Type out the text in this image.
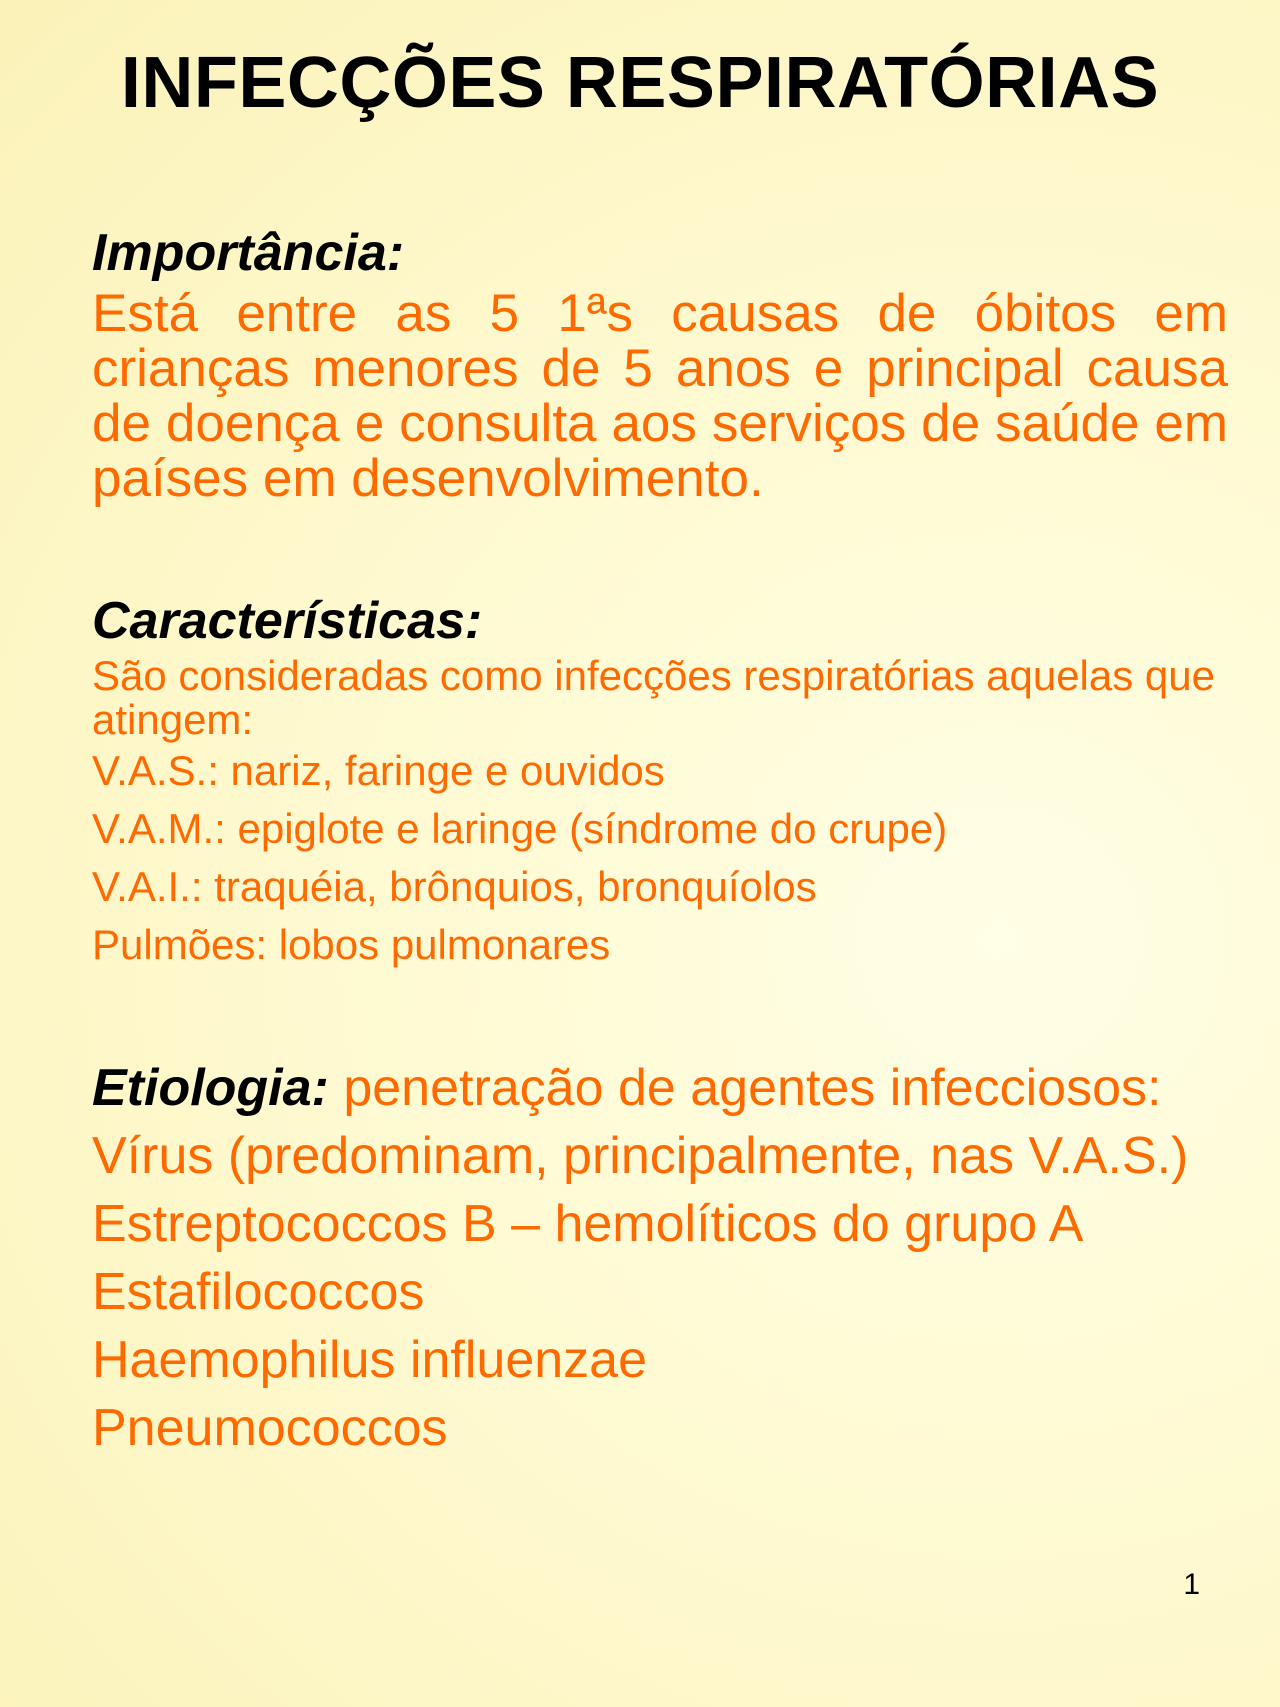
INFECÇÕES RESPIRATÓRIAS
Importância:
Está entre as 5 1ªs causas de óbitos em crianças menores de 5 anos e principal causa de doença e consulta aos serviços de saúde em países em desenvolvimento.
Características:
São consideradas como infecções respiratórias aquelas que atingem:
V.A.S.: nariz, faringe e ouvidos
V.A.M.: epiglote e laringe (síndrome do crupe)
V.A.I.: traquéia, brônquios, bronquíolos
Pulmões: lobos pulmonares
Etiologia: penetração de agentes infecciosos:
Vírus (predominam, principalmente, nas V.A.S.)
Estreptococcos B – hemolíticos do grupo A
Estafilococcos
Haemophilus influenzae
Pneumococcos
1
